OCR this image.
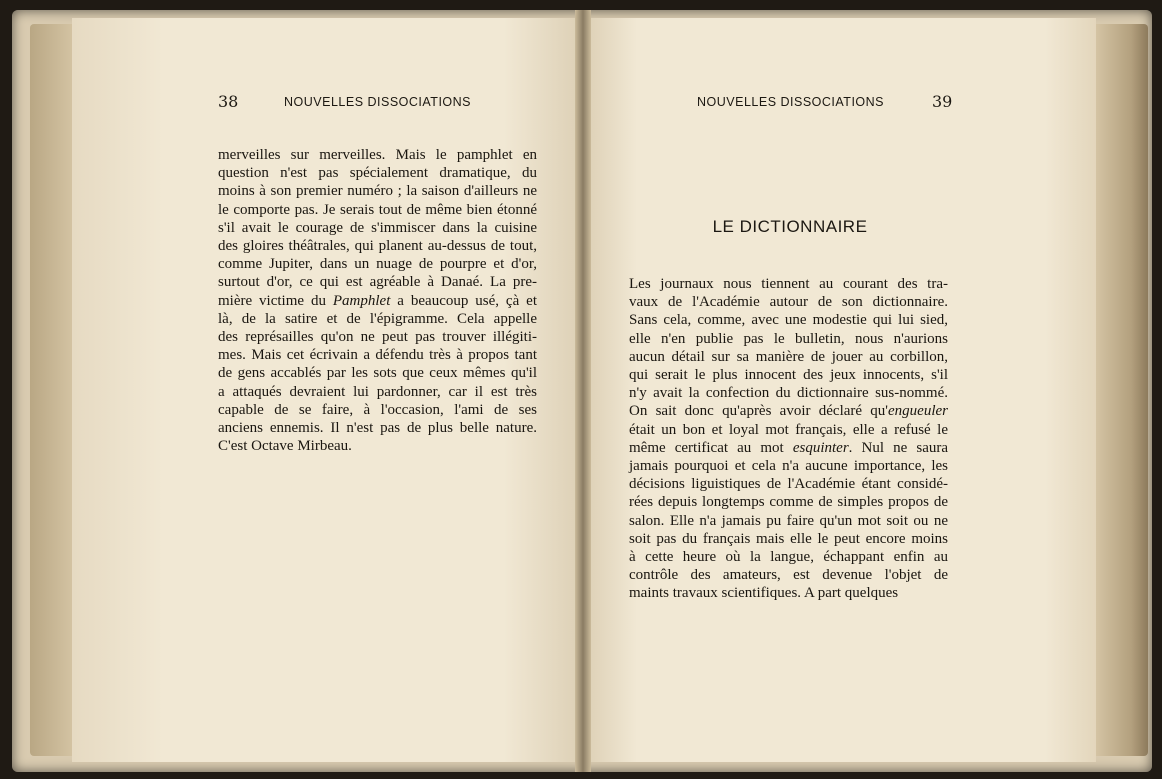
38	NOUVELLES DISSOCIATIONS
merveilles sur merveilles. Mais le pamphlet en
question n'est pas spécialement dramatique, du
moins à son premier numéro ; la saison d'ailleurs ne
le comporte pas. Je serais tout de même bien étonné
s'il avait le courage de s'immiscer dans la cuisine
des gloires théâtrales, qui planent au-dessus de tout,
comme Jupiter, dans un nuage de pourpre et d'or,
surtout d'or, ce qui est agréable à Danaé. La pre-
mière victime du Pamphlet a beaucoup usé, çà et
là, de la satire et de l'épigramme. Cela appelle
des représailles qu'on ne peut pas trouver illégiti-
mes. Mais cet écrivain a défendu très à propos tant
de gens accablés par les sots que ceux mêmes qu'il
a attaqués devraient lui pardonner, car il est très
capable de se faire, à l'occasion, l'ami de ses
anciens ennemis. Il n'est pas de plus belle nature.
C'est Octave Mirbeau.
NOUVELLES DISSOCIATIONS	39
LE DICTIONNAIRE
Les journaux nous tiennent au courant des tra-
vaux de l'Académie autour de son dictionnaire.
Sans cela, comme, avec une modestie qui lui sied,
elle n'en publie pas le bulletin, nous n'aurions
aucun détail sur sa manière de jouer au corbillon,
qui serait le plus innocent des jeux innocents, s'il
n'y avait la confection du dictionnaire sus-nommé.
On sait donc qu'après avoir déclaré qu'engueuler
était un bon et loyal mot français, elle a refusé le
même certificat au mot esquinter. Nul ne saura
jamais pourquoi et cela n'a aucune importance, les
décisions liguistiques de l'Académie étant considé-
rées depuis longtemps comme de simples propos de
salon. Elle n'a jamais pu faire qu'un mot soit ou ne
soit pas du français mais elle le peut encore moins
à cette heure où la langue, échappant enfin au
contrôle des amateurs, est devenue l'objet de
maints travaux scientifiques. A part quelques
